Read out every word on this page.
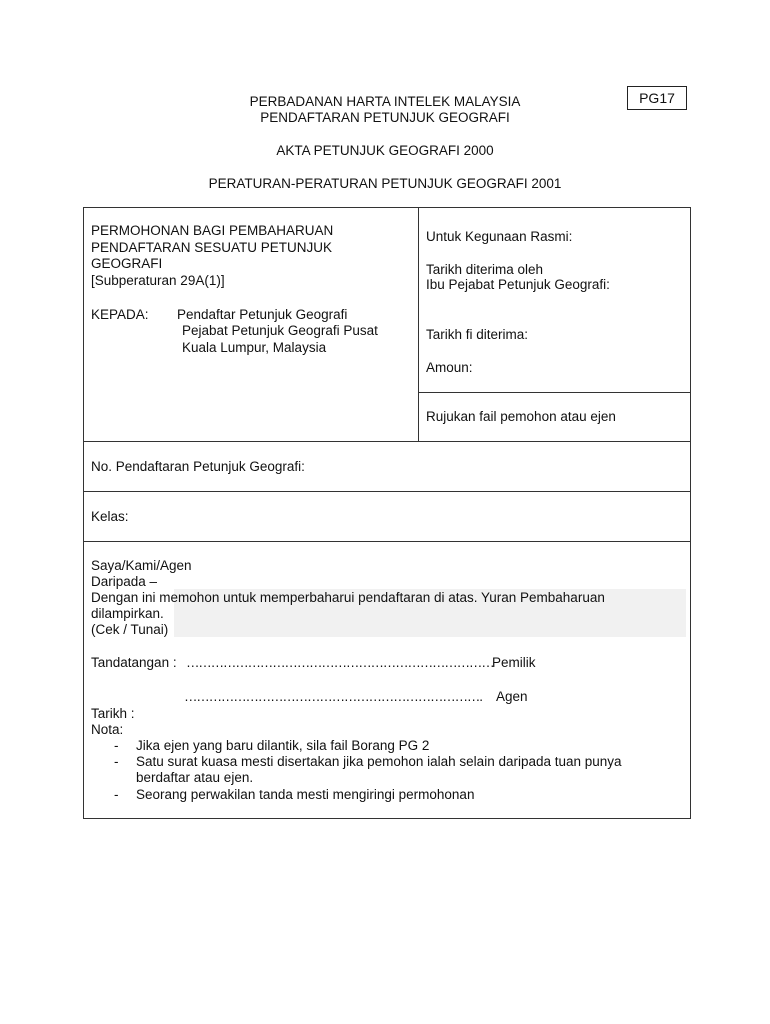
PG17
PERBADANAN HARTA INTELEK MALAYSIA
PENDAFTARAN PETUNJUK GEOGRAFI
AKTA PETUNJUK GEOGRAFI 2000
PERATURAN-PERATURAN PETUNJUK GEOGRAFI 2001
PERMOHONAN BAGI PEMBAHARUAN
PENDAFTARAN SESUATU PETUNJUK
GEOGRAFI
[Subperaturan 29A(1)]
KEPADA: Pendaftar Petunjuk Geografi
Pejabat Petunjuk Geografi Pusat
Kuala Lumpur, Malaysia
Untuk Kegunaan Rasmi:
Tarikh diterima oleh
Ibu Pejabat Petunjuk Geografi:
Tarikh fi diterima:
Amoun:
Rujukan fail pemohon atau ejen
No. Pendaftaran Petunjuk Geografi:
Kelas:
Saya/Kami/Agen
Daripada –
Dengan ini memohon untuk memperbaharui pendaftaran di atas. Yuran Pembaharuan
dilampirkan.
(Cek / Tunai)
Tandatangan : …………………………………………………………………
Pemilik
………………………………………………………………. Agen
Tarikh :
Nota:
- Jika ejen yang baru dilantik, sila fail Borang PG 2
- Satu surat kuasa mesti disertakan jika pemohon ialah selain daripada tuan punya
berdaftar atau ejen.
- Seorang perwakilan tanda mesti mengiringi permohonan
